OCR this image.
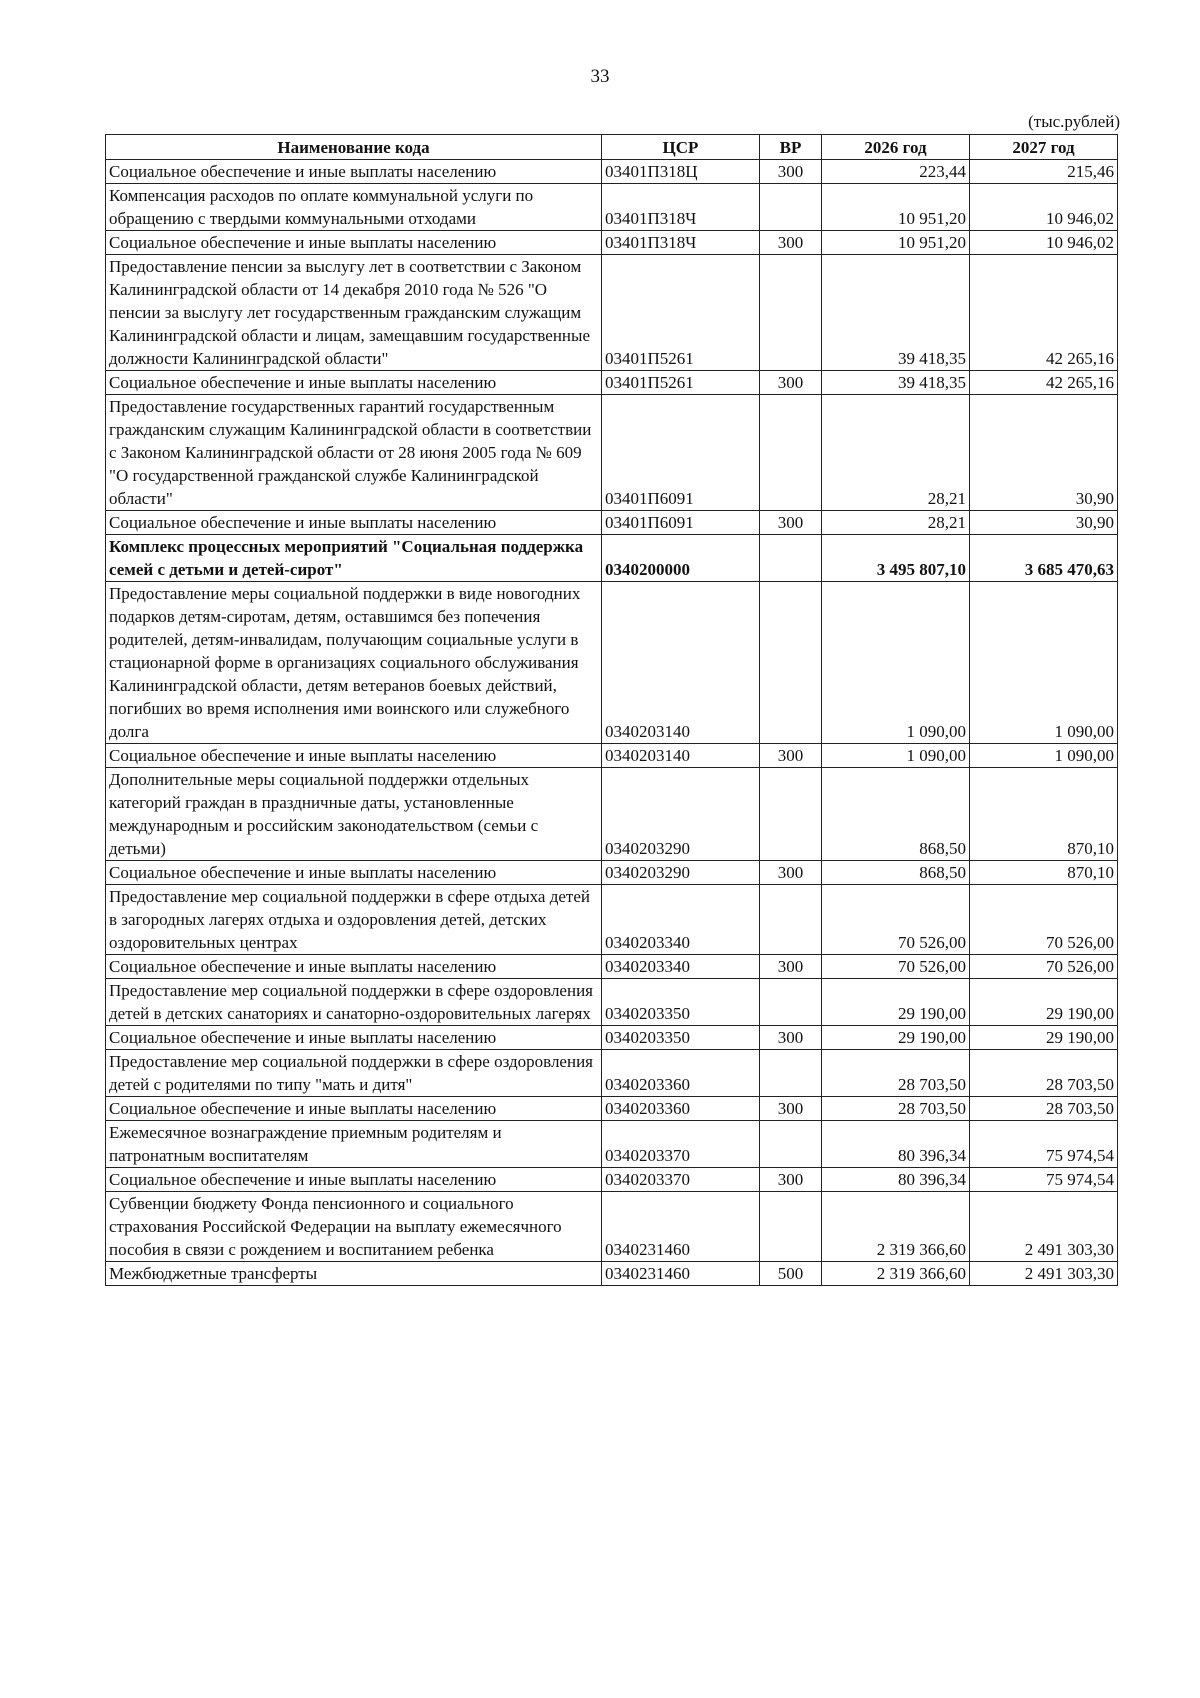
33
(тыс.рублей)
Наименование кода	ЦСР	ВР	2026 год	2027 год
Социальное обеспечение и иные выплаты населению	03401П318Ц	300	223,44	215,46
Компенсация расходов по оплате коммунальной услуги по обращению с твердыми коммунальными отходами	03401П318Ч		10 951,20	10 946,02
Социальное обеспечение и иные выплаты населению	03401П318Ч	300	10 951,20	10 946,02
Предоставление пенсии за выслугу лет в соответствии с Законом Калининградской области от 14 декабря 2010 года № 526 "О пенсии за выслугу лет государственным гражданским служащим Калининградской области и лицам, замещавшим государственные должности Калининградской области"	03401П5261		39 418,35	42 265,16
Социальное обеспечение и иные выплаты населению	03401П5261	300	39 418,35	42 265,16
Предоставление государственных гарантий государственным гражданским служащим Калининградской области в соответствии с Законом Калининградской области от 28 июня 2005 года № 609 "О государственной гражданской службе Калининградской области"	03401П6091		28,21	30,90
Социальное обеспечение и иные выплаты населению	03401П6091	300	28,21	30,90
Комплекс процессных мероприятий "Социальная поддержка семей с детьми и детей-сирот"	0340200000		3 495 807,10	3 685 470,63
Предоставление меры социальной поддержки в виде новогодних подарков детям-сиротам, детям, оставшимся без попечения родителей, детям-инвалидам, получающим социальные услуги в стационарной форме в организациях социального обслуживания Калининградской области, детям ветеранов боевых действий, погибших во время исполнения ими воинского или служебного долга	0340203140		1 090,00	1 090,00
Социальное обеспечение и иные выплаты населению	0340203140	300	1 090,00	1 090,00
Дополнительные меры социальной поддержки отдельных категорий граждан в праздничные даты, установленные международным и российским законодательством (семьи с детьми)	0340203290		868,50	870,10
Социальное обеспечение и иные выплаты населению	0340203290	300	868,50	870,10
Предоставление мер социальной поддержки в сфере отдыха детей в загородных лагерях отдыха и оздоровления детей, детских оздоровительных центрах	0340203340		70 526,00	70 526,00
Социальное обеспечение и иные выплаты населению	0340203340	300	70 526,00	70 526,00
Предоставление мер социальной поддержки в сфере оздоровления детей в детских санаториях и санаторно-оздоровительных лагерях	0340203350		29 190,00	29 190,00
Социальное обеспечение и иные выплаты населению	0340203350	300	29 190,00	29 190,00
Предоставление мер социальной поддержки в сфере оздоровления детей с родителями по типу "мать и дитя"	0340203360		28 703,50	28 703,50
Социальное обеспечение и иные выплаты населению	0340203360	300	28 703,50	28 703,50
Ежемесячное вознаграждение приемным родителям и патронатным воспитателям	0340203370		80 396,34	75 974,54
Социальное обеспечение и иные выплаты населению	0340203370	300	80 396,34	75 974,54
Субвенции бюджету Фонда пенсионного и социального страхования Российской Федерации на выплату ежемесячного пособия в связи с рождением и воспитанием ребенка	0340231460		2 319 366,60	2 491 303,30
Межбюджетные трансферты	0340231460	500	2 319 366,60	2 491 303,30
